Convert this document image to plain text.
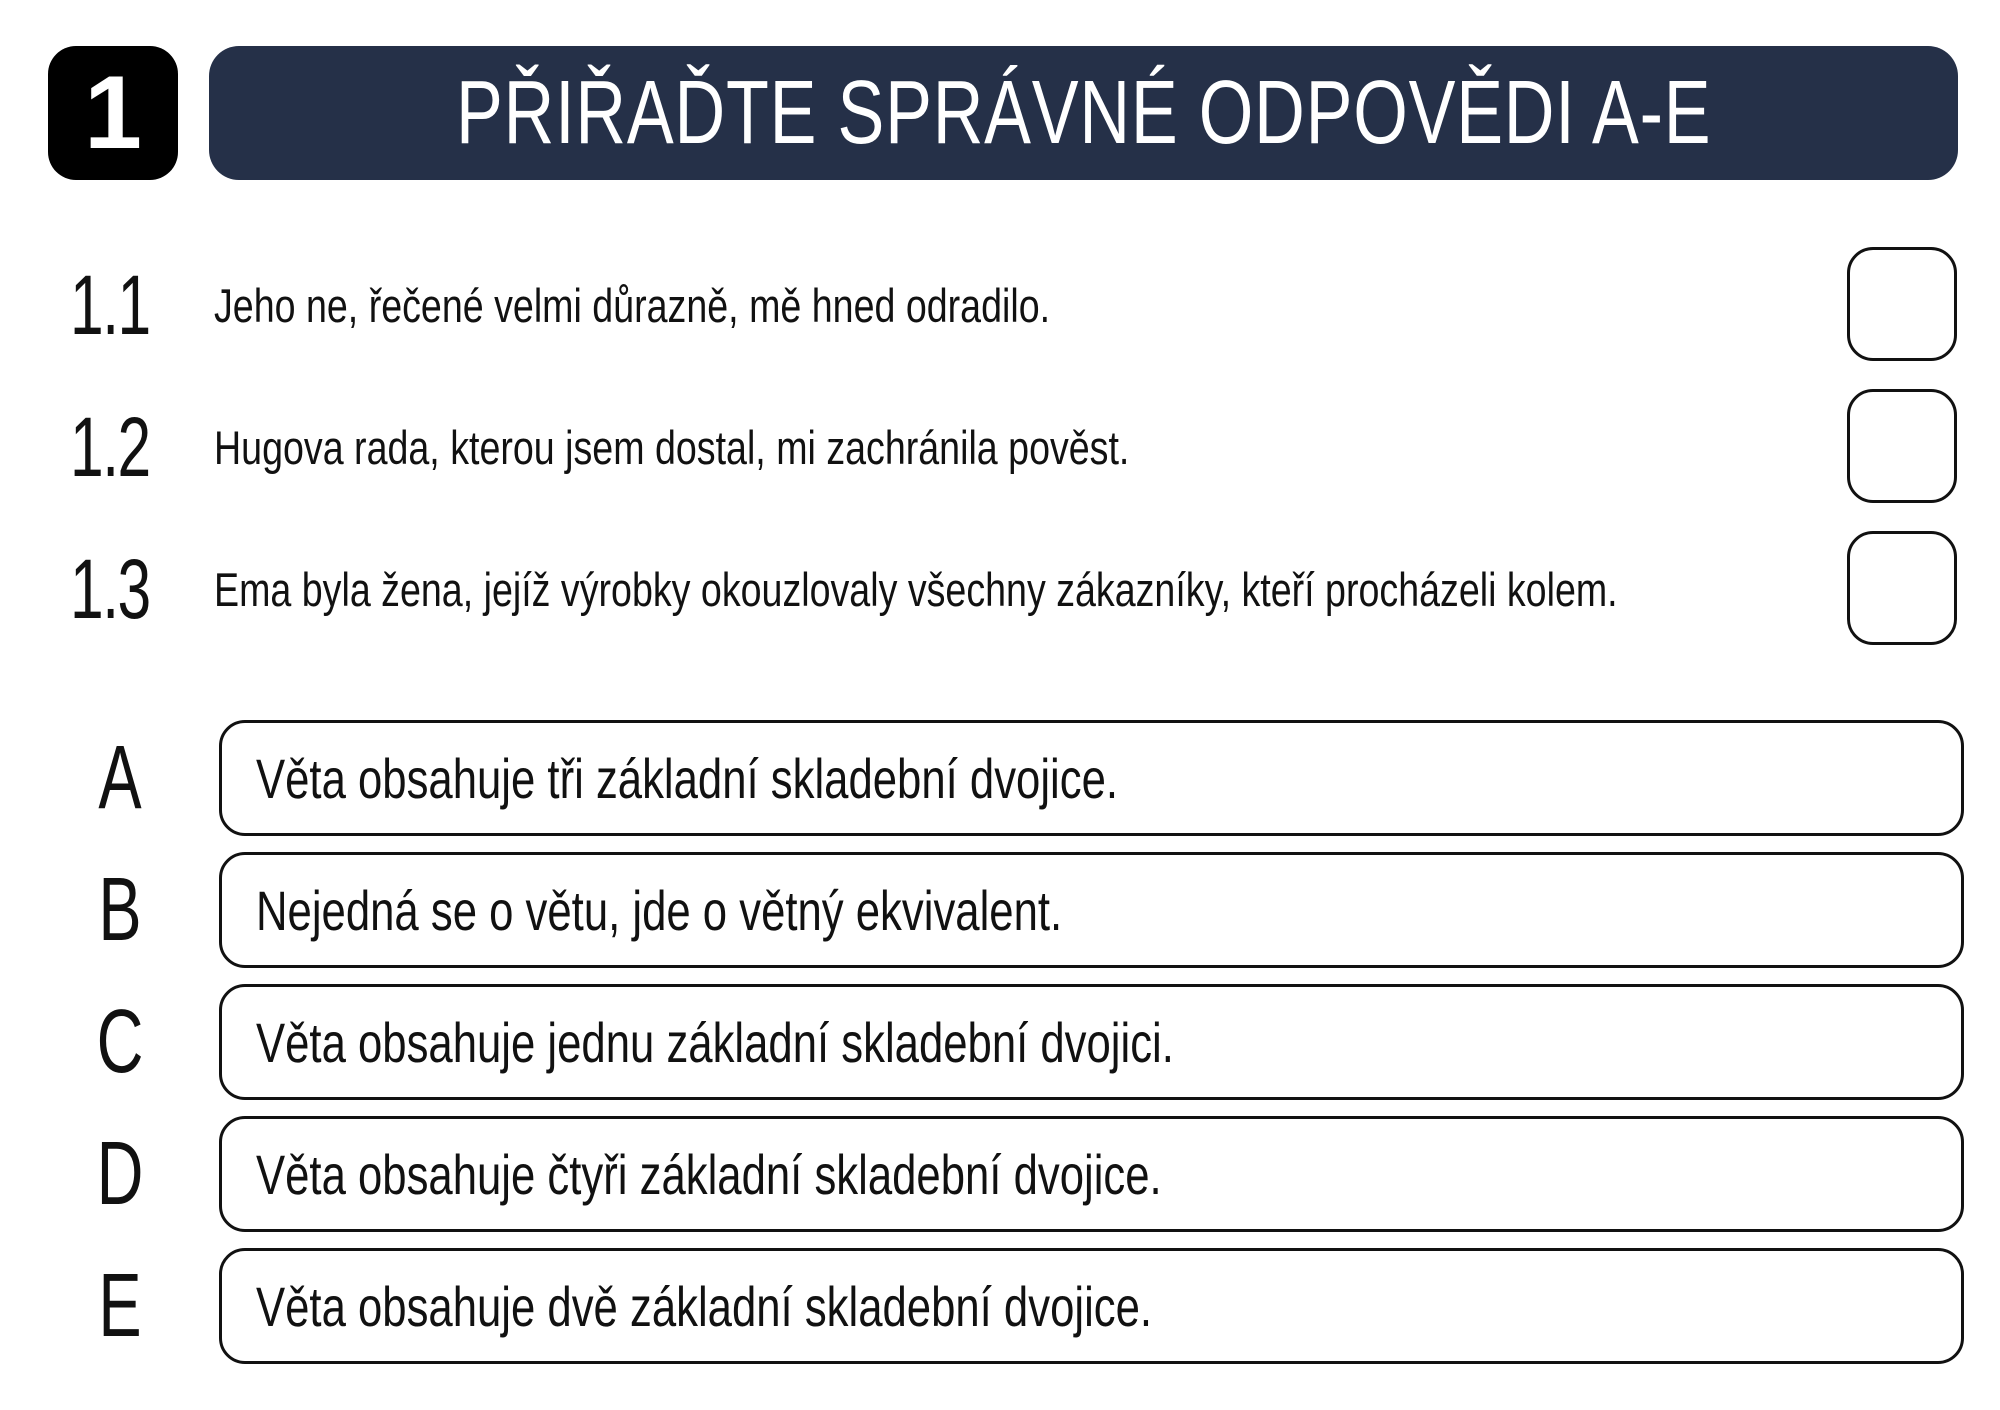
1	PŘIŘAĎTE SPRÁVNÉ ODPOVĚDI A-E
1.1 Jeho ne, řečené velmi důrazně, mě hned odradilo.
1.2 Hugova rada, kterou jsem dostal, mi zachránila pověst.
1.3 Ema byla žena, jejíž výrobky okouzlovaly všechny zákazníky, kteří procházeli kolem.
A Věta obsahuje tři základní skladební dvojice.
B Nejedná se o větu, jde o větný ekvivalent.
C Věta obsahuje jednu základní skladební dvojici.
D Věta obsahuje čtyři základní skladební dvojice.
E Věta obsahuje dvě základní skladební dvojice.
